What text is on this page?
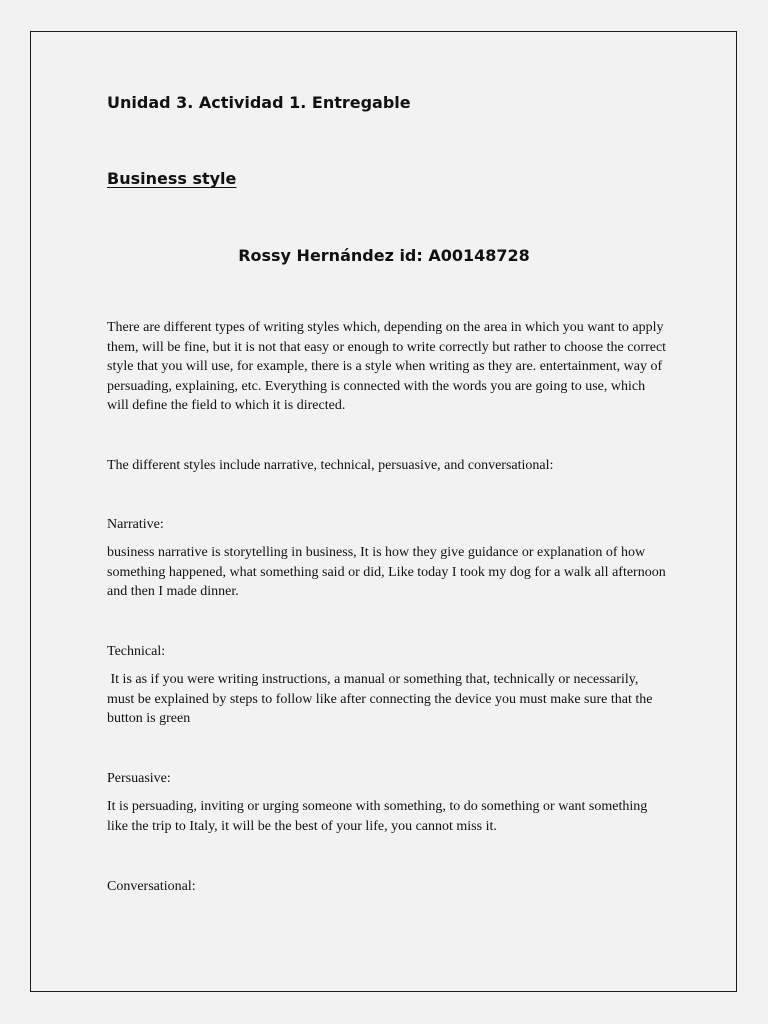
Unidad 3. Actividad 1. Entregable
Business style
Rossy Hernández id: A00148728

There are different types of writing styles which, depending on the area in which you want to apply them, will be fine, but it is not that easy or enough to write correctly but rather to choose the correct style that you will use, for example, there is a style when writing as they are. entertainment, way of persuading, explaining, etc. Everything is connected with the words you are going to use, which will define the field to which it is directed.

The different styles include narrative, technical, persuasive, and conversational:

Narrative:

business narrative is storytelling in business, It is how they give guidance or explanation of how something happened, what something said or did, Like today I took my dog for a walk all afternoon and then I made dinner.

Technical:

It is as if you were writing instructions, a manual or something that, technically or necessarily, must be explained by steps to follow like after connecting the device you must make sure that the button is green

Persuasive:

It is persuading, inviting or urging someone with something, to do something or want something like the trip to Italy, it will be the best of your life, you cannot miss it.

Conversational:
